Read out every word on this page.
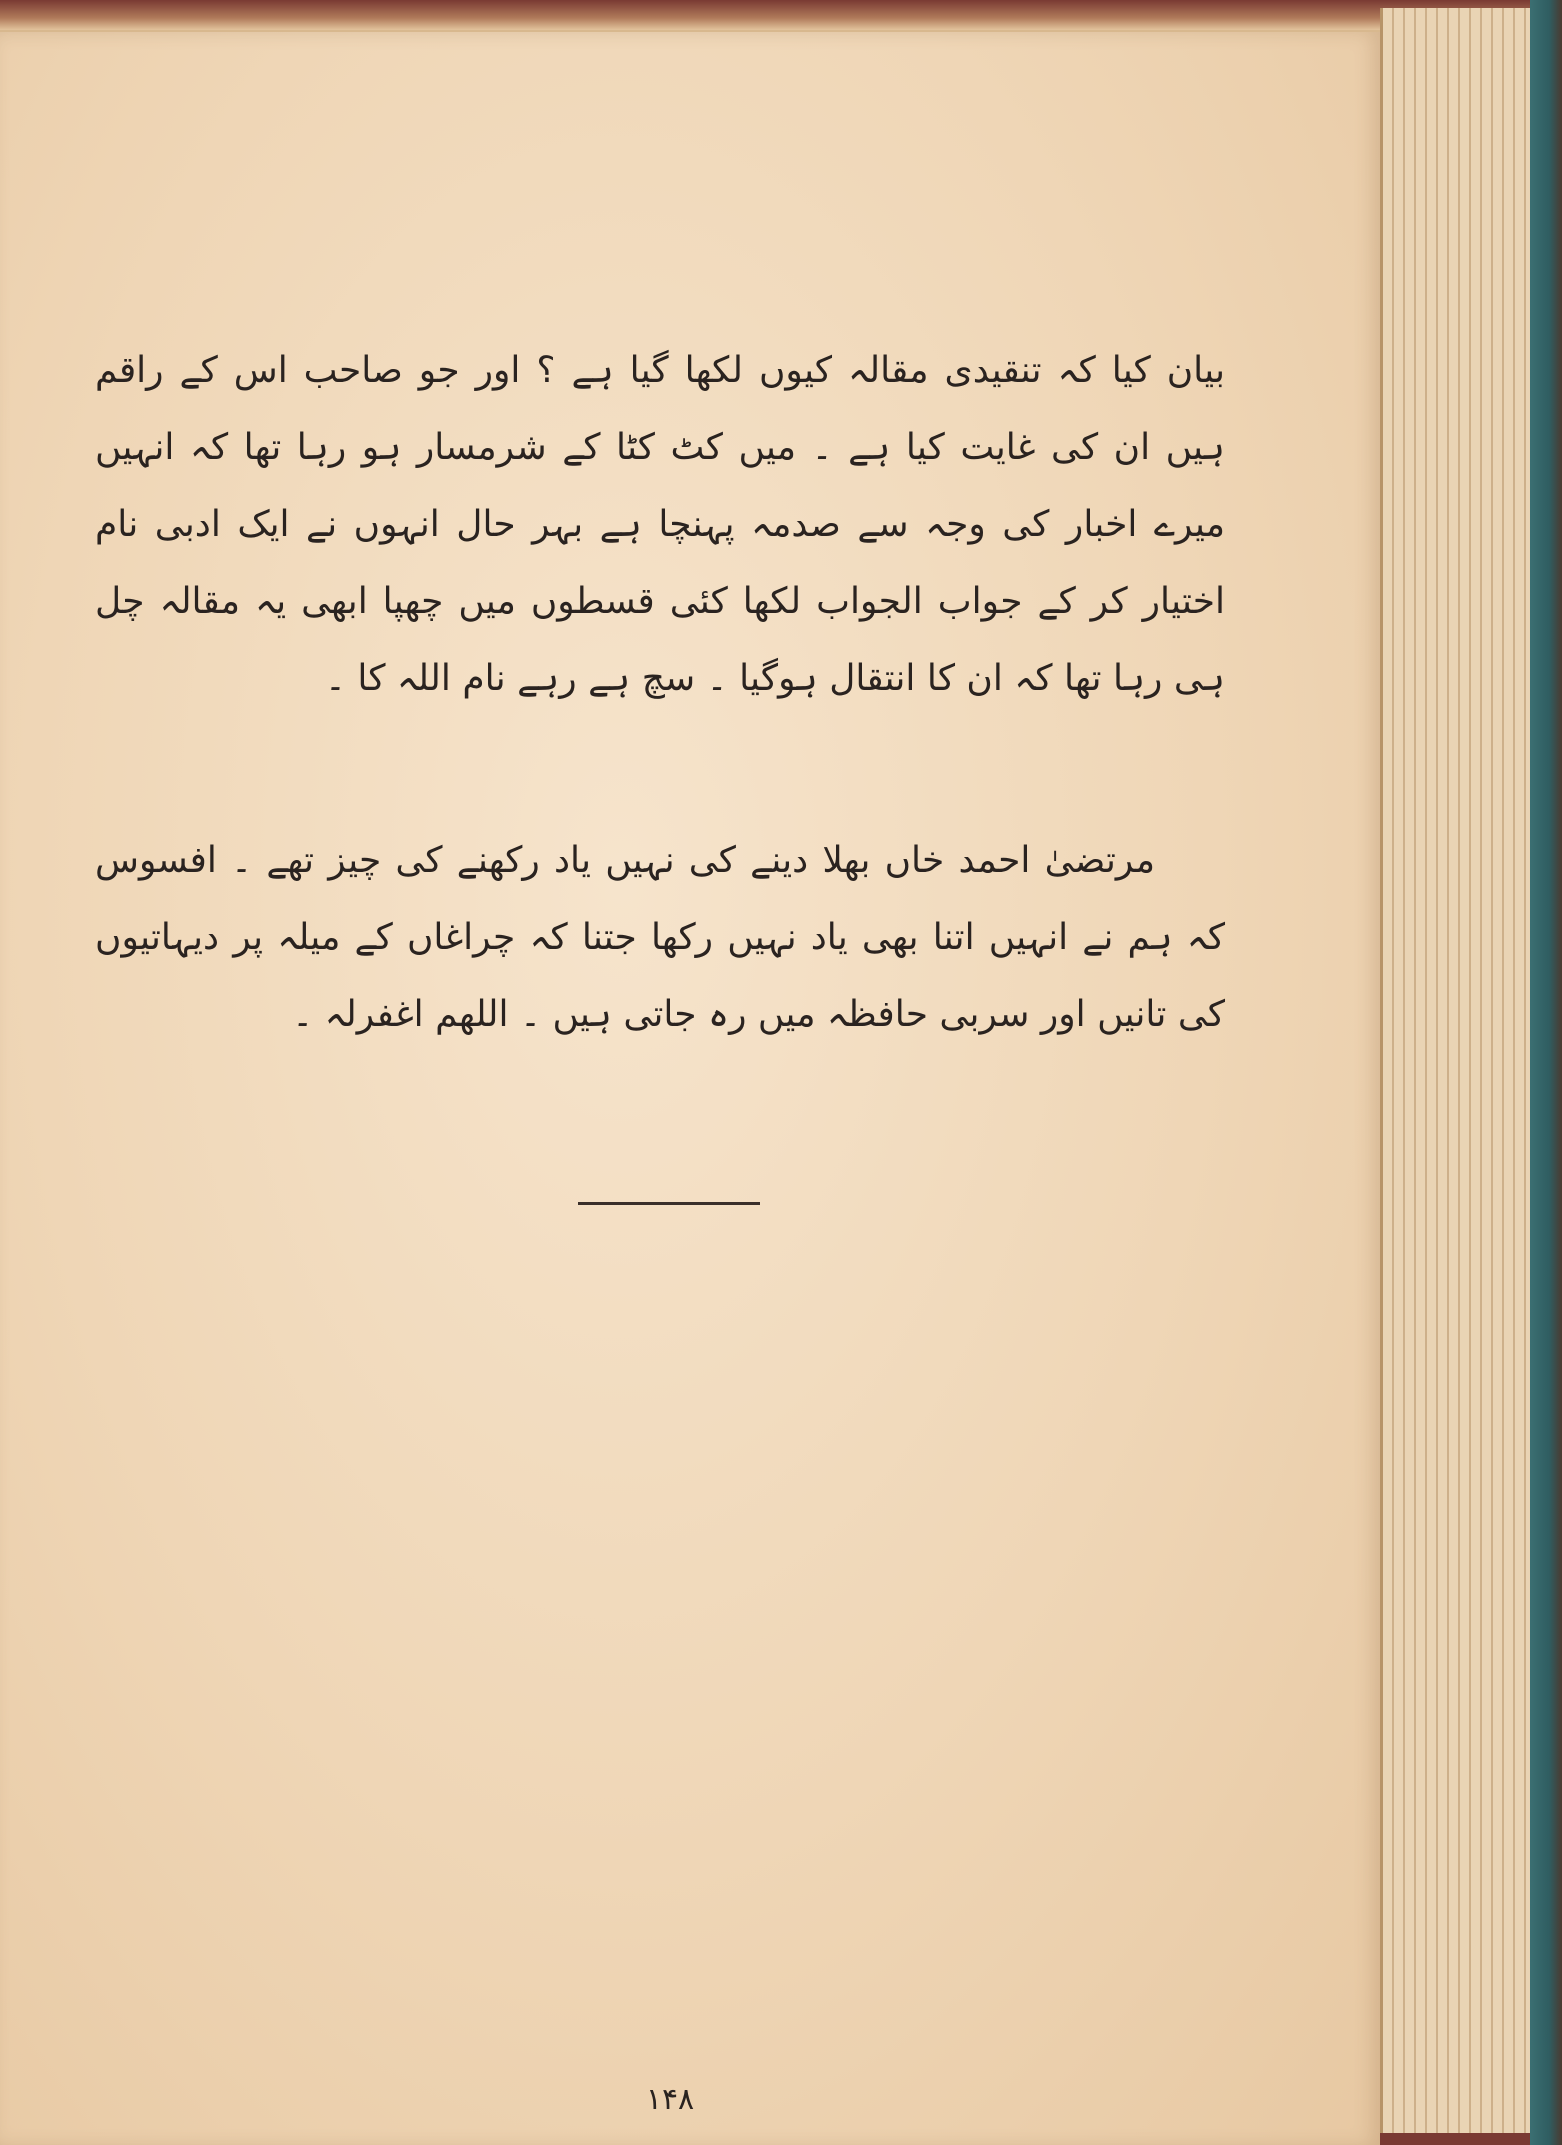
بیان کیا کہ تنقیدی مقالہ کیوں لکھا گیا ہے ؟ اور جو صاحب اس کے راقم ہیں ان کی غایت کیا ہے ۔ میں کٹ کٹا کے شرمسار ہو رہا تھا کہ انہیں میرے اخبار کی وجہ سے صدمہ پہنچا ہے بہر حال انہوں نے ایک ادبی نام اختیار کر کے جواب الجواب لکھا کئی قسطوں میں چھپا ابھی یہ مقالہ چل ہی رہا تھا کہ ان کا انتقال ہوگیا ۔ سچ ہے رہے نام اللہ کا ۔
مرتضیٰ احمد خاں بھلا دینے کی نہیں یاد رکھنے کی چیز تھے ۔ افسوس کہ ہم نے انہیں اتنا بھی یاد نہیں رکھا جتنا کہ چراغاں کے میلہ پر دیہاتیوں کی تانیں اور سربی حافظہ میں رہ جاتی ہیں ۔ اللھم اغفرلہ ۔
۱۴۸
